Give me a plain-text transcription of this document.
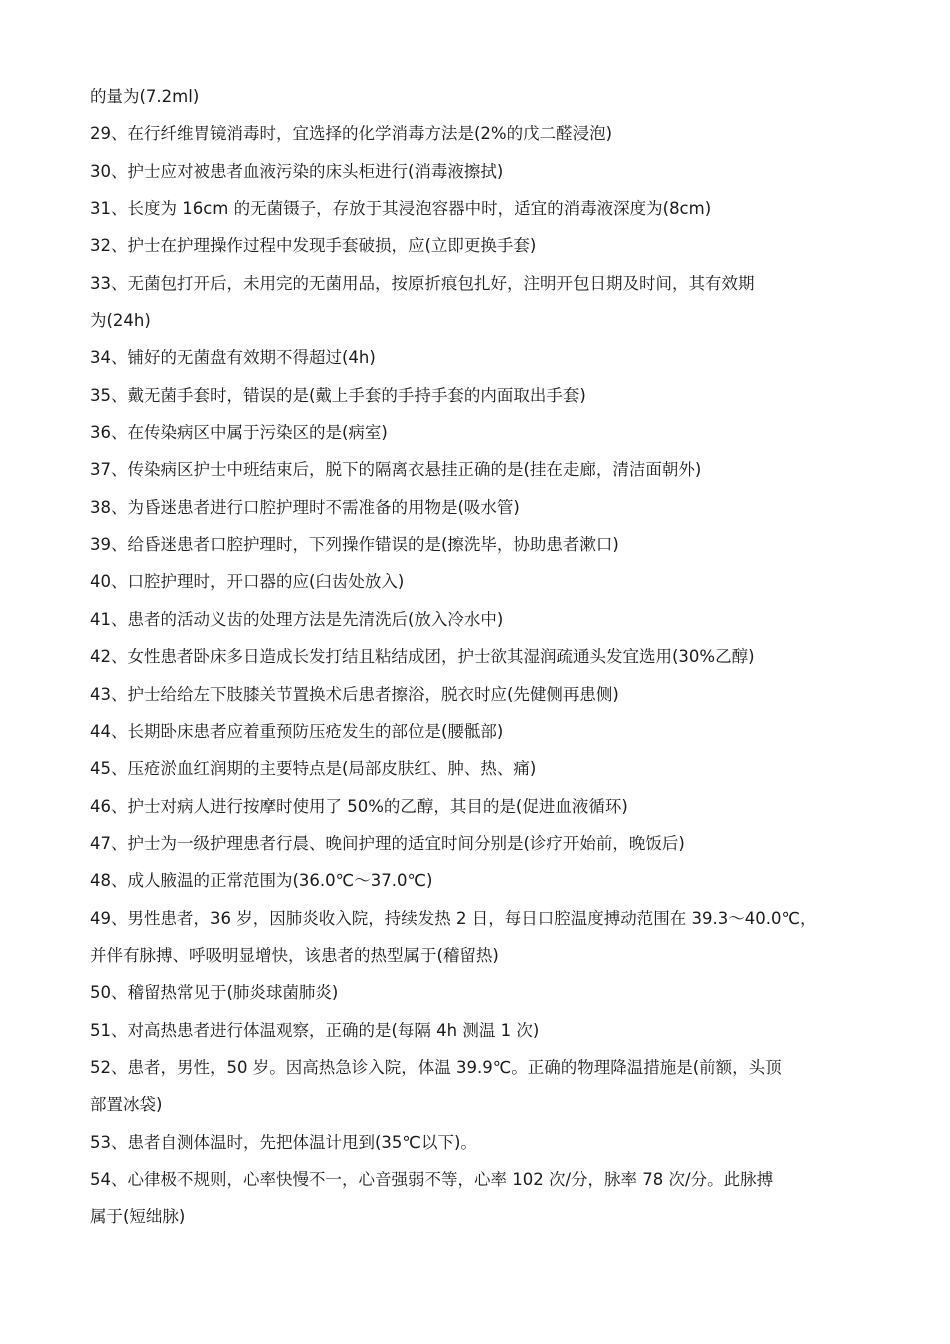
的量为(7.2ml)
29、在行纤维胃镜消毒时，宜选择的化学消毒方法是(2%的戊二醛浸泡)
30、护士应对被患者血液污染的床头柜进行(消毒液擦拭)
31、长度为 16cm 的无菌镊子，存放于其浸泡容器中时，适宜的消毒液深度为(8cm)
32、护士在护理操作过程中发现手套破损，应(立即更换手套)
33、无菌包打开后，未用完的无菌用品，按原折痕包扎好，注明开包日期及时间，其有效期
为(24h)
34、铺好的无菌盘有效期不得超过(4h)
35、戴无菌手套时，错误的是(戴上手套的手持手套的内面取出手套)
36、在传染病区中属于污染区的是(病室)
37、传染病区护士中班结束后，脱下的隔离衣悬挂正确的是(挂在走廊，清洁面朝外)
38、为昏迷患者进行口腔护理时不需准备的用物是(吸水管)
39、给昏迷患者口腔护理时，下列操作错误的是(擦洗毕，协助患者漱口)
40、口腔护理时，开口器的应(臼齿处放入)
41、患者的活动义齿的处理方法是先清洗后(放入冷水中)
42、女性患者卧床多日造成长发打结且粘结成团，护士欲其湿润疏通头发宜选用(30%乙醇)
43、护士给给左下肢膝关节置换术后患者擦浴，脱衣时应(先健侧再患侧)
44、长期卧床患者应着重预防压疮发生的部位是(腰骶部)
45、压疮淤血红润期的主要特点是(局部皮肤红、肿、热、痛)
46、护士对病人进行按摩时使用了 50%的乙醇，其目的是(促进血液循环)
47、护士为一级护理患者行晨、晚间护理的适宜时间分别是(诊疗开始前，晚饭后)
48、成人腋温的正常范围为(36.0℃～37.0℃)
49、男性患者，36 岁，因肺炎收入院，持续发热 2 日，每日口腔温度搏动范围在 39.3～40.0℃，
并伴有脉搏、呼吸明显增快，该患者的热型属于(稽留热)
50、稽留热常见于(肺炎球菌肺炎)
51、对高热患者进行体温观察，正确的是(每隔 4h 测温 1 次)
52、患者，男性，50 岁。因高热急诊入院，体温 39.9℃。正确的物理降温措施是(前额，头顶
部置冰袋)
53、患者自测体温时，先把体温计甩到(35℃以下)。
54、心律极不规则，心率快慢不一，心音强弱不等，心率 102 次/分，脉率 78 次/分。此脉搏
属于(短绌脉)
